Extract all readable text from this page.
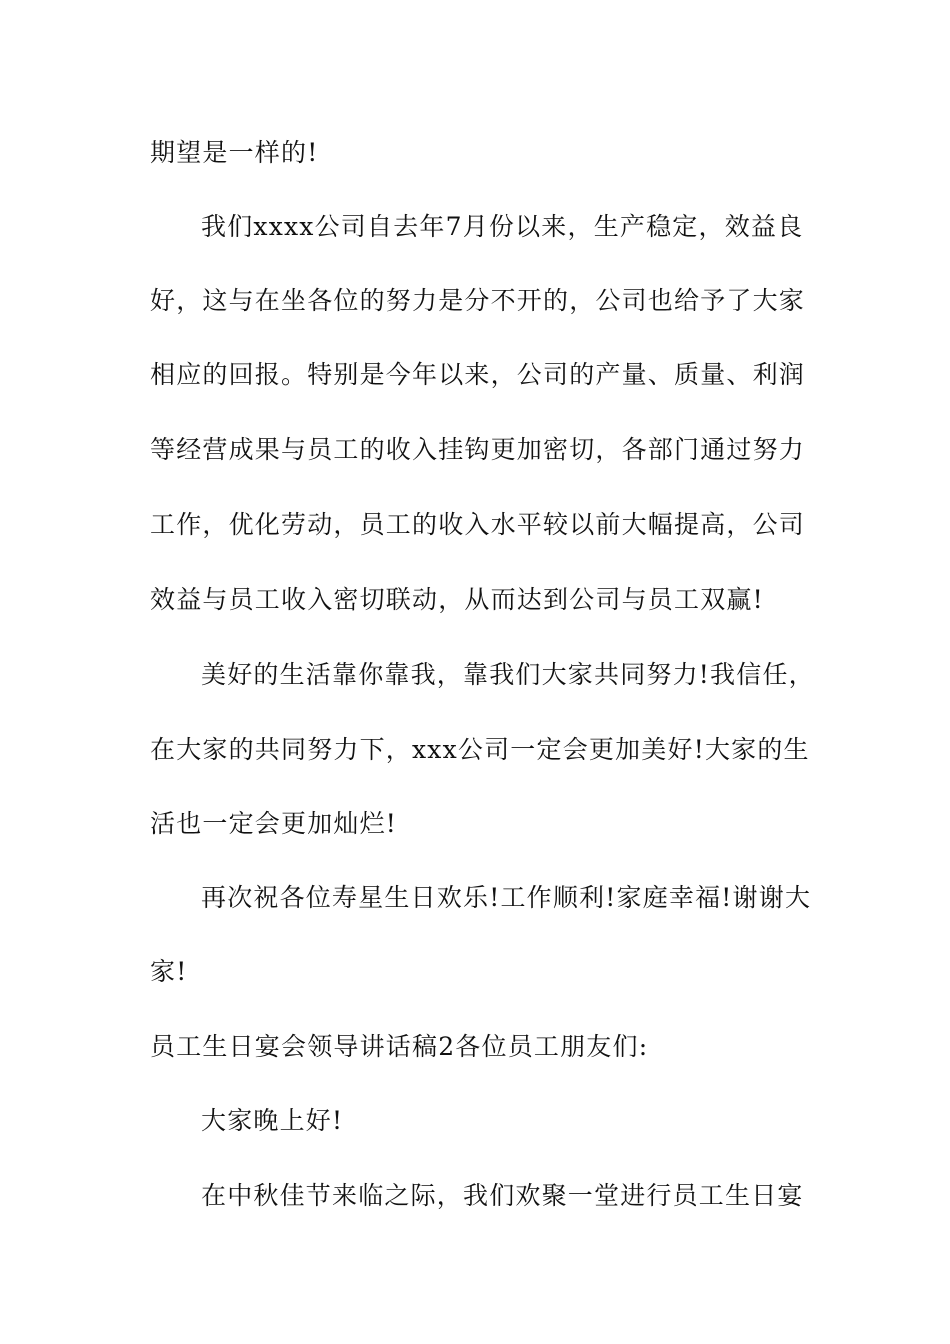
期望是一样的!

我们xxxx公司自去年7月份以来，生产稳定，效益良

好，这与在坐各位的努力是分不开的，公司也给予了大家

相应的回报。特别是今年以来，公司的产量、质量、利润

等经营成果与员工的收入挂钩更加密切，各部门通过努力

工作，优化劳动，员工的收入水平较以前大幅提高，公司

效益与员工收入密切联动，从而达到公司与员工双赢!

美好的生活靠你靠我，靠我们大家共同努力!我信任，

在大家的共同努力下，xxx公司一定会更加美好!大家的生

活也一定会更加灿烂!

再次祝各位寿星生日欢乐!工作顺利!家庭幸福!谢谢大

家!

员工生日宴会领导讲话稿2各位员工朋友们:

大家晚上好!

在中秋佳节来临之际，我们欢聚一堂进行员工生日宴
